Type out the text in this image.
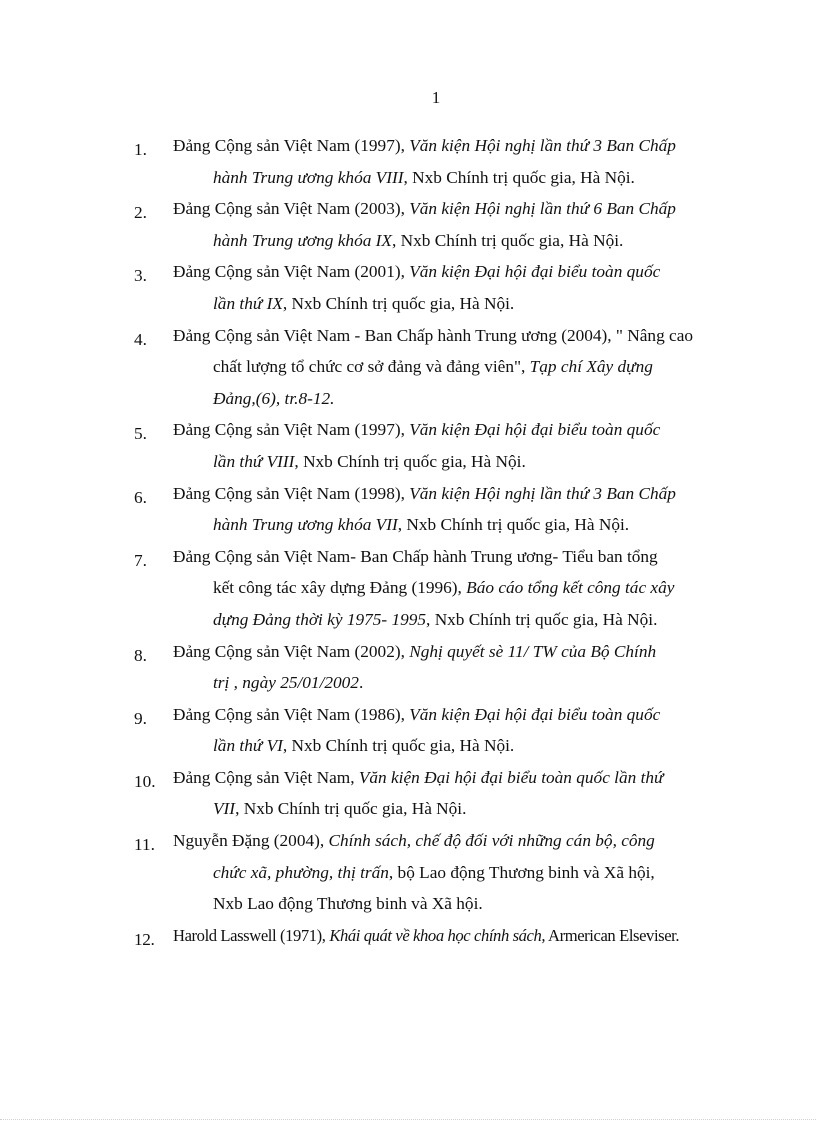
1
1.	Đảng Cộng sản Việt Nam (1997), Văn kiện Hội nghị lần thứ 3 Ban Chấp
hành Trung ương khóa VIII, Nxb Chính trị quốc gia, Hà Nội.
2.	Đảng Cộng sản Việt Nam (2003), Văn kiện Hội nghị lần thứ 6 Ban Chấp
hành Trung ương khóa IX, Nxb Chính trị quốc gia, Hà Nội.
3.	Đảng Cộng sản Việt Nam (2001), Văn kiện Đại hội đại biểu toàn quốc
lần thứ IX, Nxb Chính trị quốc gia, Hà Nội.
4.	Đảng Cộng sản Việt Nam - Ban Chấp hành Trung ương (2004), " Nâng cao
chất lượng tổ chức cơ sở đảng và đảng viên", Tạp chí Xây dựng
Đảng,(6), tr.8-12.
5.	Đảng Cộng sản Việt Nam (1997), Văn kiện Đại hội đại biểu toàn quốc
lần thứ VIII, Nxb Chính trị quốc gia, Hà Nội.
6.	Đảng Cộng sản Việt Nam (1998), Văn kiện Hội nghị lần thứ 3 Ban Chấp
hành Trung ương khóa VII, Nxb Chính trị quốc gia, Hà Nội.
7.	Đảng Cộng sản Việt Nam- Ban Chấp hành Trung ương- Tiểu ban tổng
kết công tác xây dựng Đảng (1996), Báo cáo tổng kết công tác xây
dựng Đảng thời kỳ 1975- 1995, Nxb Chính trị quốc gia, Hà Nội.
8.	Đảng Cộng sản Việt Nam (2002), Nghị quyết sè 11/ TW của Bộ Chính
trị , ngày 25/01/2002.
9.	Đảng Cộng sản Việt Nam (1986), Văn kiện Đại hội đại biểu toàn quốc
lần thứ VI, Nxb Chính trị quốc gia, Hà Nội.
10.	Đảng Cộng sản Việt Nam, Văn kiện Đại hội đại biểu toàn quốc lần thứ
VII, Nxb Chính trị quốc gia, Hà Nội.
11.	Nguyễn Đặng (2004), Chính sách, chế độ đối với những cán bộ, công
chức xã, phường, thị trấn, bộ Lao động Thương binh và Xã hội,
Nxb Lao động Thương binh và Xã hội.
12.	Harold Lasswell (1971), Khái quát về khoa học chính sách, Armerican Elseviser.
